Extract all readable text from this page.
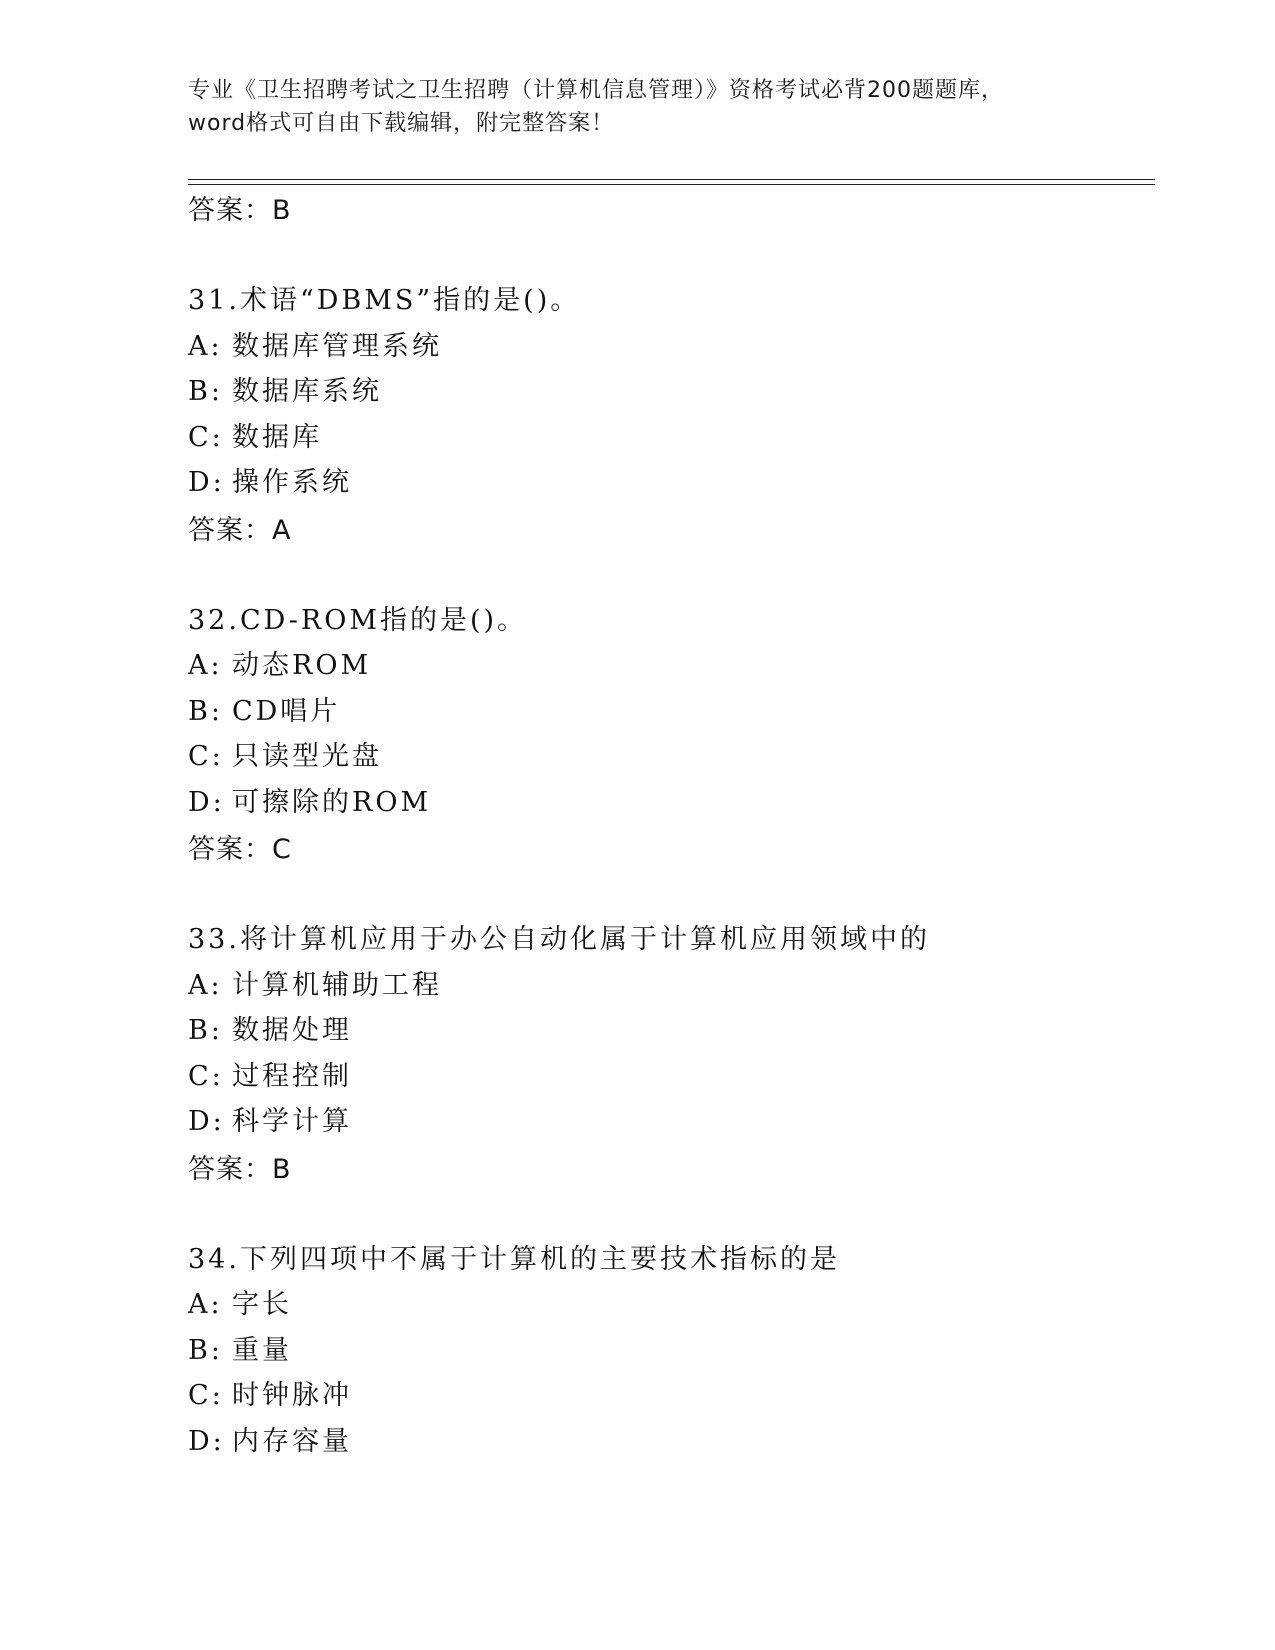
专业《卫生招聘考试之卫生招聘（计算机信息管理）》资格考试必背200题题库，
word格式可自由下载编辑，附完整答案！
答案：B
31.术语“DBMS”指的是()。
A: 数据库管理系统
B: 数据库系统
C: 数据库
D: 操作系统
答案：A
32.CD-ROM指的是()。
A: 动态ROM
B: CD唱片
C: 只读型光盘
D: 可擦除的ROM
答案：C
33.将计算机应用于办公自动化属于计算机应用领域中的
A: 计算机辅助工程
B: 数据处理
C: 过程控制
D: 科学计算
答案：B
34.下列四项中不属于计算机的主要技术指标的是
A: 字长
B: 重量
C: 时钟脉冲
D: 内存容量
